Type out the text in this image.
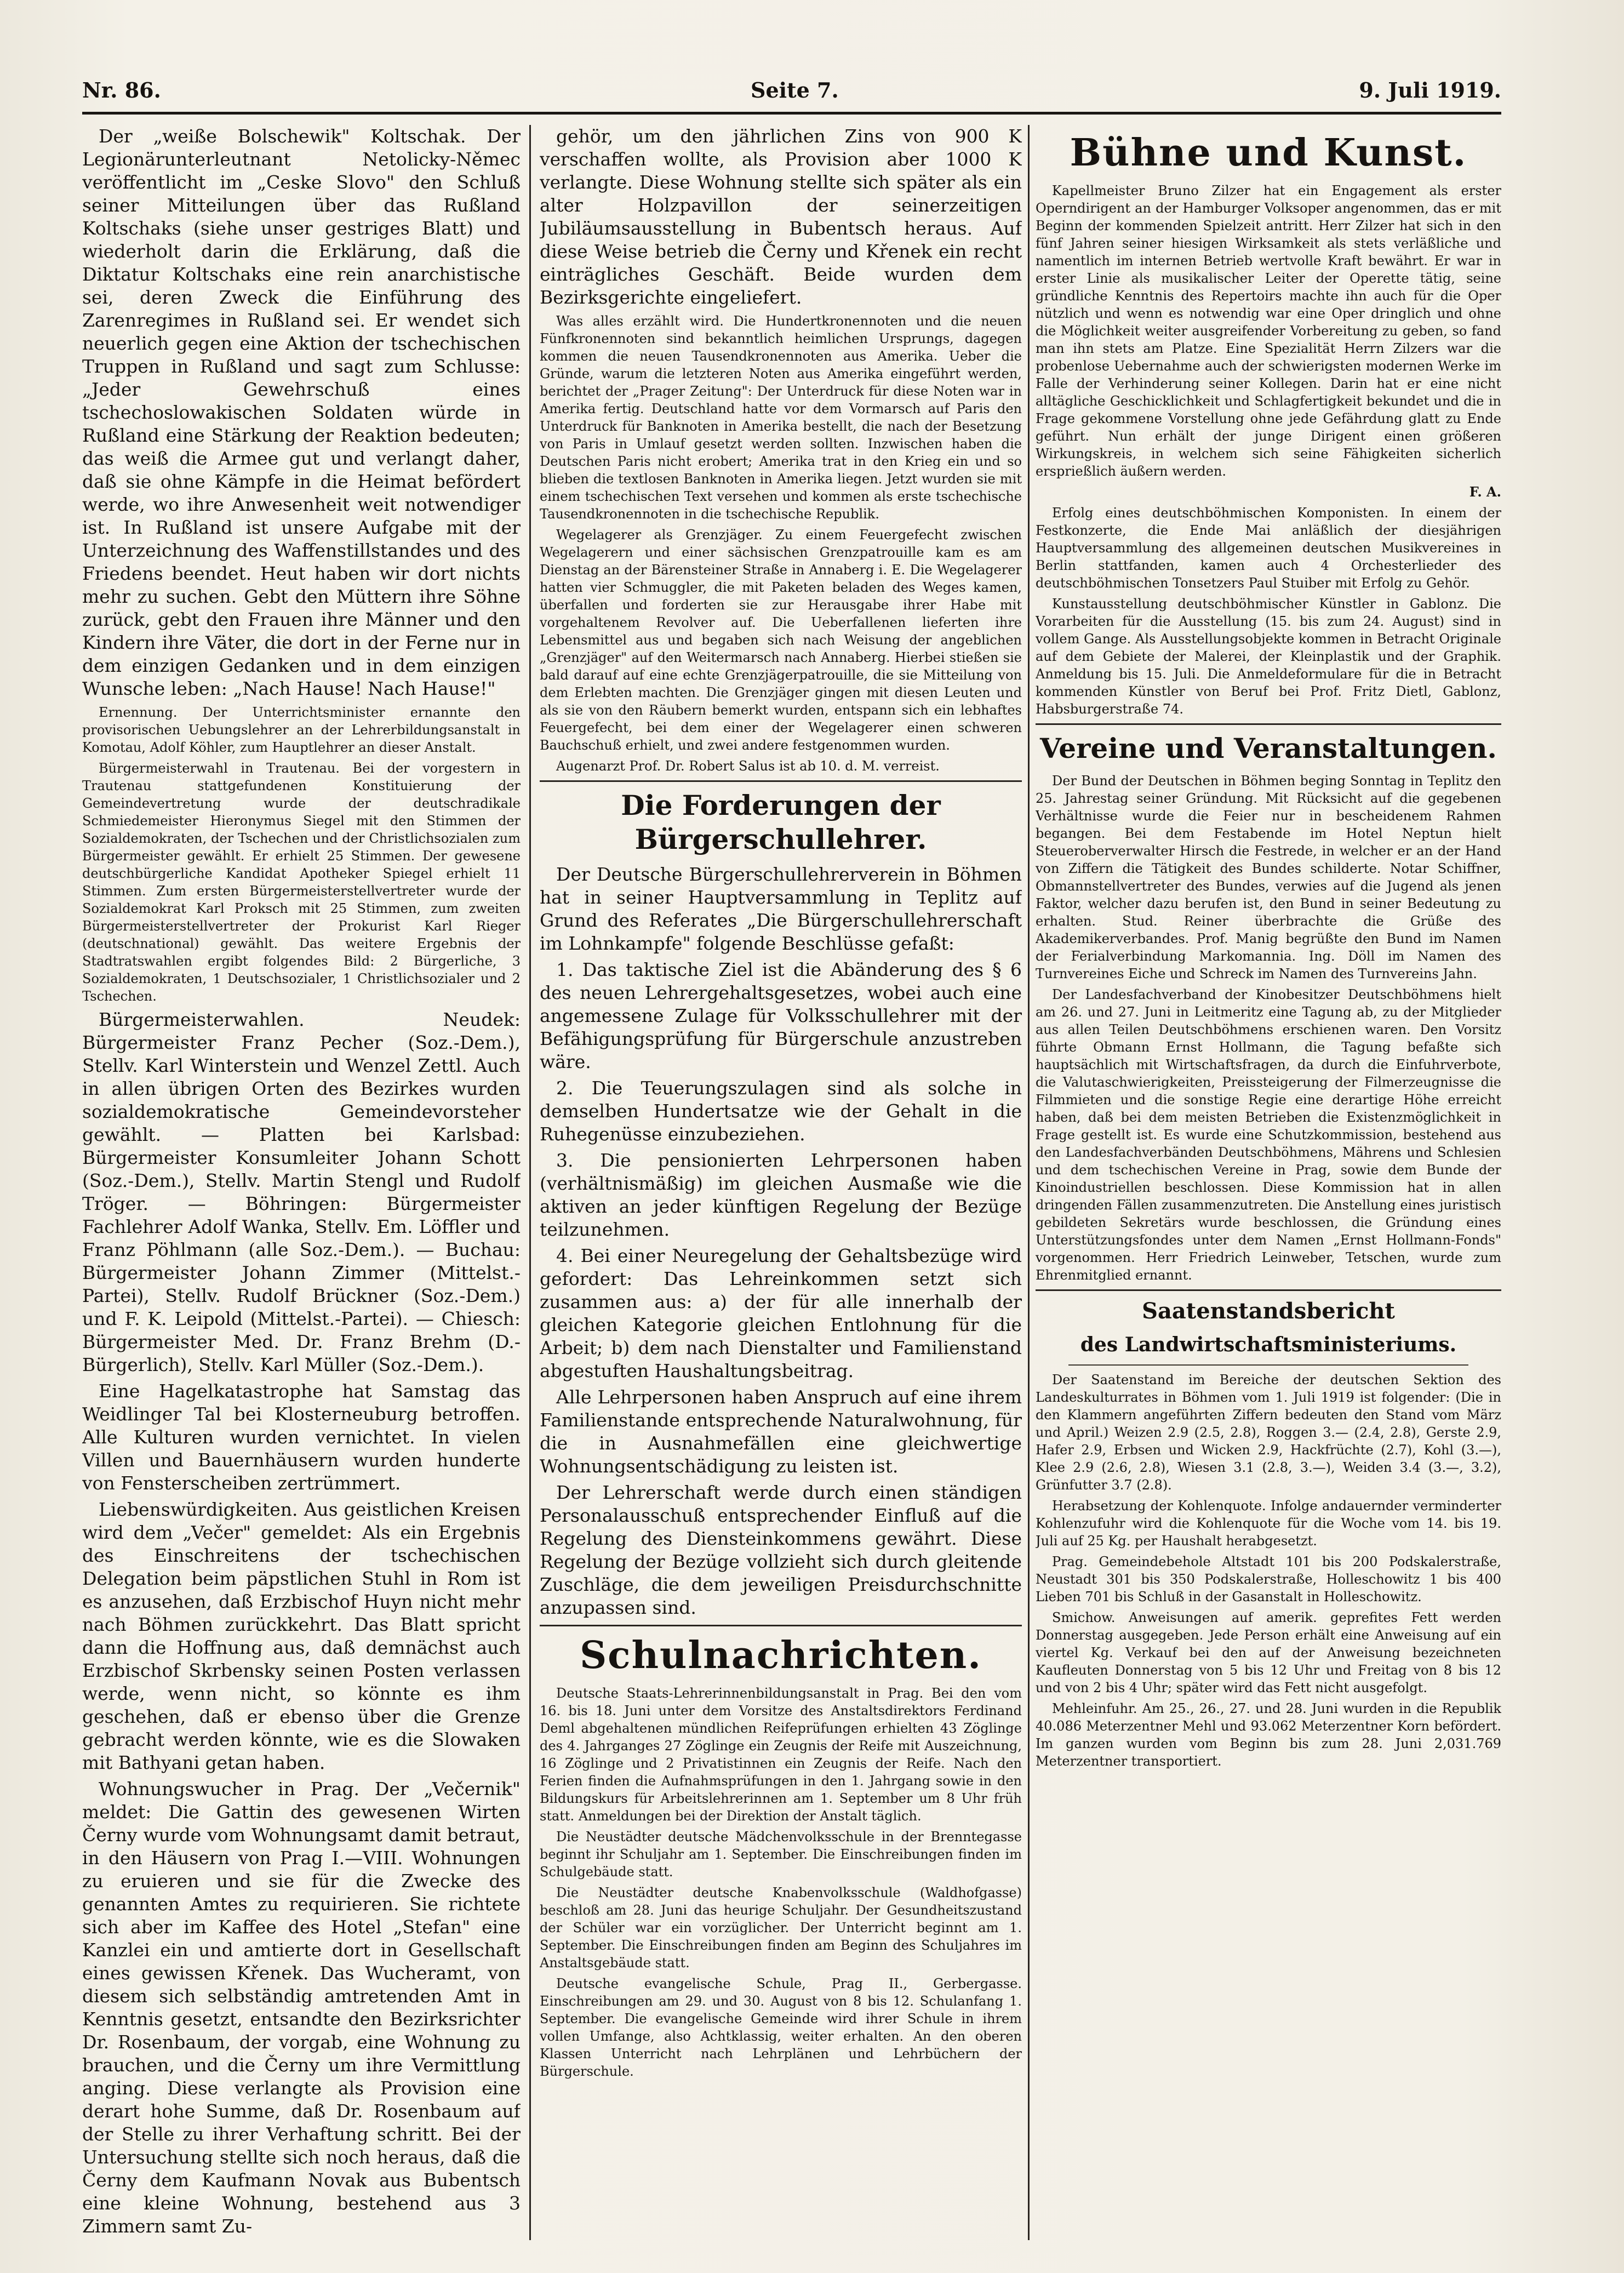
Nr. 86.	Seite 7.	9. Juli 1919.

Der „weiße Bolschewik" Koltschak. Der Legionärunterleutnant Netolicky-Němec veröffentlicht im „Ceske Slovo" den Schluß seiner Mitteilungen über das Rußland Koltschaks (siehe unser gestriges Blatt) und wiederholt darin die Erklärung, daß die Diktatur Koltschaks eine rein anarchistische sei, deren Zweck die Einführung des Zarenregimes in Rußland sei. Er wendet sich neuerlich gegen eine Aktion der tschechischen Truppen in Rußland und sagt zum Schlusse: „Jeder Gewehrschuß eines tschechoslowakischen Soldaten würde in Rußland eine Stärkung der Reaktion bedeuten; das weiß die Armee gut und verlangt daher, daß sie ohne Kämpfe in die Heimat befördert werde, wo ihre Anwesenheit weit notwendiger ist. In Rußland ist unsere Aufgabe mit der Unterzeichnung des Waffenstillstandes und des Friedens beendet. Heut haben wir dort nichts mehr zu suchen. Gebt den Müttern ihre Söhne zurück, gebt den Frauen ihre Männer und den Kindern ihre Väter, die dort in der Ferne nur in dem einzigen Gedanken und in dem einzigen Wunsche leben: „Nach Hause! Nach Hause!"

Ernennung. Der Unterrichtsminister ernannte den provisorischen Uebungslehrer an der Lehrerbildungsanstalt in Komotau, Adolf Köhler, zum Hauptlehrer an dieser Anstalt.

Bürgermeisterwahl in Trautenau. Bei der vorgestern in Trautenau stattgefundenen Konstituierung der Gemeindevertretung wurde der deutschradikale Schmiedemeister Hieronymus Siegel mit den Stimmen der Sozialdemokraten, der Tschechen und der Christlichsozialen zum Bürgermeister gewählt. Er erhielt 25 Stimmen. Der gewesene deutschbürgerliche Kandidat Apotheker Spiegel erhielt 11 Stimmen. Zum ersten Bürgermeisterstellvertreter wurde der Sozialdemokrat Karl Proksch mit 25 Stimmen, zum zweiten Bürgermeisterstellvertreter der Prokurist Karl Rieger (deutschnational) gewählt. Das weitere Ergebnis der Stadtratswahlen ergibt folgendes Bild: 2 Bürgerliche, 3 Sozialdemokraten, 1 Deutschsozialer, 1 Christlichsozialer und 2 Tschechen.

Bürgermeisterwahlen. Neudek: Bürgermeister Franz Pecher (Soz.-Dem.), Stellv. Karl Winterstein und Wenzel Zettl. Auch in allen übrigen Orten des Bezirkes wurden sozialdemokratische Gemeindevorsteher gewählt. — Platten bei Karlsbad: Bürgermeister Konsumleiter Johann Schott (Soz.-Dem.), Stellv. Martin Stengl und Rudolf Tröger. — Böhringen: Bürgermeister Fachlehrer Adolf Wanka, Stellv. Em. Löffler und Franz Pöhlmann (alle Soz.-Dem.). — Buchau: Bürgermeister Johann Zimmer (Mittelst.-Partei), Stellv. Rudolf Brückner (Soz.-Dem.) und F. K. Leipold (Mittelst.-Partei). — Chiesch: Bürgermeister Med. Dr. Franz Brehm (D.-Bürgerlich), Stellv. Karl Müller (Soz.-Dem.).

Eine Hagelkatastrophe hat Samstag das Weidlinger Tal bei Klosterneuburg betroffen. Alle Kulturen wurden vernichtet. In vielen Villen und Bauernhäusern wurden hunderte von Fensterscheiben zertrümmert.

Liebenswürdigkeiten. Aus geistlichen Kreisen wird dem „Večer" gemeldet: Als ein Ergebnis des Einschreitens der tschechischen Delegation beim päpstlichen Stuhl in Rom ist es anzusehen, daß Erzbischof Huyn nicht mehr nach Böhmen zurückkehrt. Das Blatt spricht dann die Hoffnung aus, daß demnächst auch Erzbischof Skrbensky seinen Posten verlassen werde, wenn nicht, so könnte es ihm geschehen, daß er ebenso über die Grenze gebracht werden könnte, wie es die Slowaken mit Bathyani getan haben.

Wohnungswucher in Prag. Der „Večernik" meldet: Die Gattin des gewesenen Wirten Černy wurde vom Wohnungsamt damit betraut, in den Häusern von Prag I.—VIII. Wohnungen zu eruieren und sie für die Zwecke des genannten Amtes zu requirieren. Sie richtete sich aber im Kaffee des Hotel „Stefan" eine Kanzlei ein und amtierte dort in Gesellschaft eines gewissen Křenek. Das Wucheramt, von diesem sich selbständig amtretenden Amt in Kenntnis gesetzt, entsandte den Bezirksrichter Dr. Rosenbaum, der vorgab, eine Wohnung zu brauchen, und die Černy um ihre Vermittlung anging. Diese verlangte als Provision eine derart hohe Summe, daß Dr. Rosenbaum auf der Stelle zu ihrer Verhaftung schritt. Bei der Untersuchung stellte sich noch heraus, daß die Černy dem Kaufmann Novak aus Bubentsch eine kleine Wohnung, bestehend aus 3 Zimmern samt Zu-

gehör, um den jährlichen Zins von 900 K verschaffen wollte, als Provision aber 1000 K verlangte. Diese Wohnung stellte sich später als ein alter Holzpavillon der seinerzeitigen Jubiläumsausstellung in Bubentsch heraus. Auf diese Weise betrieb die Černy und Křenek ein recht einträgliches Geschäft. Beide wurden dem Bezirksgerichte eingeliefert.

Was alles erzählt wird. Die Hundertkronennoten und die neuen Fünfkronennoten sind bekanntlich heimlichen Ursprungs, dagegen kommen die neuen Tausendkronennoten aus Amerika. Ueber die Gründe, warum die letzteren Noten aus Amerika eingeführt werden, berichtet der „Prager Zeitung": Der Unterdruck für diese Noten war in Amerika fertig. Deutschland hatte vor dem Vormarsch auf Paris den Unterdruck für Banknoten in Amerika bestellt, die nach der Besetzung von Paris in Umlauf gesetzt werden sollten. Inzwischen haben die Deutschen Paris nicht erobert; Amerika trat in den Krieg ein und so blieben die textlosen Banknoten in Amerika liegen. Jetzt wurden sie mit einem tschechischen Text versehen und kommen als erste tschechische Tausendkronennoten in die tschechische Republik.

Wegelagerer als Grenzjäger. Zu einem Feuergefecht zwischen Wegelagerern und einer sächsischen Grenzpatrouille kam es am Dienstag an der Bärensteiner Straße in Annaberg i. E. Die Wegelagerer hatten vier Schmuggler, die mit Paketen beladen des Weges kamen, überfallen und forderten sie zur Herausgabe ihrer Habe mit vorgehaltenem Revolver auf. Die Ueberfallenen lieferten ihre Lebensmittel aus und begaben sich nach Weisung der angeblichen „Grenzjäger" auf den Weitermarsch nach Annaberg. Hierbei stießen sie bald darauf auf eine echte Grenzjägerpatrouille, die sie Mitteilung von dem Erlebten machten. Die Grenzjäger gingen mit diesen Leuten und als sie von den Räubern bemerkt wurden, entspann sich ein lebhaftes Feuergefecht, bei dem einer der Wegelagerer einen schweren Bauchschuß erhielt, und zwei andere festgenommen wurden.

Augenarzt Prof. Dr. Robert Salus ist ab 10. d. M. verreist.

Die Forderungen der Bürgerschullehrer.

Der Deutsche Bürgerschullehrerverein in Böhmen hat in seiner Hauptversammlung in Teplitz auf Grund des Referates „Die Bürgerschullehrerschaft im Lohnkampfe" folgende Beschlüsse gefaßt:

1. Das taktische Ziel ist die Abänderung des § 6 des neuen Lehrergehaltsgesetzes, wobei auch eine angemessene Zulage für Volksschullehrer mit der Befähigungsprüfung für Bürgerschule anzustreben wäre.

2. Die Teuerungszulagen sind als solche in demselben Hundertsatze wie der Gehalt in die Ruhegenüsse einzubeziehen.

3. Die pensionierten Lehrpersonen haben (verhältnismäßig) im gleichen Ausmaße wie die aktiven an jeder künftigen Regelung der Bezüge teilzunehmen.

4. Bei einer Neuregelung der Gehaltsbezüge wird gefordert: Das Lehreinkommen setzt sich zusammen aus: a) der für alle innerhalb der gleichen Kategorie gleichen Entlohnung für die Arbeit; b) dem nach Dienstalter und Familienstand abgestuften Haushaltungsbeitrag.

Alle Lehrpersonen haben Anspruch auf eine ihrem Familienstande entsprechende Naturalwohnung, für die in Ausnahmefällen eine gleichwertige Wohnungsentschädigung zu leisten ist.

Der Lehrerschaft werde durch einen ständigen Personalausschuß entsprechender Einfluß auf die Regelung des Diensteinkommens gewährt. Diese Regelung der Bezüge vollzieht sich durch gleitende Zuschläge, die dem jeweiligen Preisdurchschnitte anzupassen sind.

Schulnachrichten.

Deutsche Staats-Lehrerinnenbildungsanstalt in Prag. Bei den vom 16. bis 18. Juni unter dem Vorsitze des Anstaltsdirektors Ferdinand Deml abgehaltenen mündlichen Reifeprüfungen erhielten 43 Zöglinge des 4. Jahrganges 27 Zöglinge ein Zeugnis der Reife mit Auszeichnung, 16 Zöglinge und 2 Privatistinnen ein Zeugnis der Reife. Nach den Ferien finden die Aufnahmsprüfungen in den 1. Jahrgang sowie in den Bildungskurs für Arbeitslehrerinnen am 1. September um 8 Uhr früh statt. Anmeldungen bei der Direktion der Anstalt täglich.

Die Neustädter deutsche Mädchenvolksschule in der Brenntegasse beginnt ihr Schuljahr am 1. September. Die Einschreibungen finden im Schulgebäude statt.

Die Neustädter deutsche Knabenvolksschule (Waldhofgasse) beschloß am 28. Juni das heurige Schuljahr. Der Gesundheitszustand der Schüler war ein vorzüglicher. Der Unterricht beginnt am 1. September. Die Einschreibungen finden am Beginn des Schuljahres im Anstaltsgebäude statt.

Deutsche evangelische Schule, Prag II., Gerbergasse. Einschreibungen am 29. und 30. August von 8 bis 12. Schulanfang 1. September. Die evangelische Gemeinde wird ihrer Schule in ihrem vollen Umfange, also Achtklassig, weiter erhalten. An den oberen Klassen Unterricht nach Lehrplänen und Lehrbüchern der Bürgerschule.

Bühne und Kunst.

Kapellmeister Bruno Zilzer hat ein Engagement als erster Operndirigent an der Hamburger Volksoper angenommen, das er mit Beginn der kommenden Spielzeit antritt. Herr Zilzer hat sich in den fünf Jahren seiner hiesigen Wirksamkeit als stets verläßliche und namentlich im internen Betrieb wertvolle Kraft bewährt. Er war in erster Linie als musikalischer Leiter der Operette tätig, seine gründliche Kenntnis des Repertoirs machte ihn auch für die Oper nützlich und wenn es notwendig war eine Oper dringlich und ohne die Möglichkeit weiter ausgreifender Vorbereitung zu geben, so fand man ihn stets am Platze. Eine Spezialität Herrn Zilzers war die probenlose Uebernahme auch der schwierigsten modernen Werke im Falle der Verhinderung seiner Kollegen. Darin hat er eine nicht alltägliche Geschicklichkeit und Schlagfertigkeit bekundet und die in Frage gekommene Vorstellung ohne jede Gefährdung glatt zu Ende geführt. Nun erhält der junge Dirigent einen größeren Wirkungskreis, in welchem sich seine Fähigkeiten sicherlich ersprießlich äußern werden.

F. A.

Erfolg eines deutschböhmischen Komponisten. In einem der Festkonzerte, die Ende Mai anläßlich der diesjährigen Hauptversammlung des allgemeinen deutschen Musikvereines in Berlin stattfanden, kamen auch 4 Orchesterlieder des deutschböhmischen Tonsetzers Paul Stuiber mit Erfolg zu Gehör.

Kunstausstellung deutschböhmischer Künstler in Gablonz. Die Vorarbeiten für die Ausstellung (15. bis zum 24. August) sind in vollem Gange. Als Ausstellungsobjekte kommen in Betracht Originale auf dem Gebiete der Malerei, der Kleinplastik und der Graphik. Anmeldung bis 15. Juli. Die Anmeldeformulare für die in Betracht kommenden Künstler von Beruf bei Prof. Fritz Dietl, Gablonz, Habsburgerstraße 74.

Vereine und Veranstaltungen.

Der Bund der Deutschen in Böhmen beging Sonntag in Teplitz den 25. Jahrestag seiner Gründung. Mit Rücksicht auf die gegebenen Verhältnisse wurde die Feier nur in bescheidenem Rahmen begangen. Bei dem Festabende im Hotel Neptun hielt Steueroberverwalter Hirsch die Festrede, in welcher er an der Hand von Ziffern die Tätigkeit des Bundes schilderte. Notar Schiffner, Obmannstellvertreter des Bundes, verwies auf die Jugend als jenen Faktor, welcher dazu berufen ist, den Bund in seiner Bedeutung zu erhalten. Stud. Reiner überbrachte die Grüße des Akademikerverbandes. Prof. Manig begrüßte den Bund im Namen der Ferialverbindung Markomannia. Ing. Döll im Namen des Turnvereines Eiche und Schreck im Namen des Turnvereins Jahn.

Der Landesfachverband der Kinobesitzer Deutschböhmens hielt am 26. und 27. Juni in Leitmeritz eine Tagung ab, zu der Mitglieder aus allen Teilen Deutschböhmens erschienen waren. Den Vorsitz führte Obmann Ernst Hollmann, die Tagung befaßte sich hauptsächlich mit Wirtschaftsfragen, da durch die Einfuhrverbote, die Valutaschwierigkeiten, Preissteigerung der Filmerzeugnisse die Filmmieten und die sonstige Regie eine derartige Höhe erreicht haben, daß bei dem meisten Betrieben die Existenzmöglichkeit in Frage gestellt ist. Es wurde eine Schutzkommission, bestehend aus den Landesfachverbänden Deutschböhmens, Mährens und Schlesien und dem tschechischen Vereine in Prag, sowie dem Bunde der Kinoindustriellen beschlossen. Diese Kommission hat in allen dringenden Fällen zusammenzutreten. Die Anstellung eines juristisch gebildeten Sekretärs wurde beschlossen, die Gründung eines Unterstützungsfondes unter dem Namen „Ernst Hollmann-Fonds" vorgenommen. Herr Friedrich Leinweber, Tetschen, wurde zum Ehrenmitglied ernannt.

Saatenstandsbericht
des Landwirtschaftsministeriums.

Der Saatenstand im Bereiche der deutschen Sektion des Landeskulturrates in Böhmen vom 1. Juli 1919 ist folgender: (Die in den Klammern angeführten Ziffern bedeuten den Stand vom März und April.) Weizen 2.9 (2.5, 2.8), Roggen 3.— (2.4, 2.8), Gerste 2.9, Hafer 2.9, Erbsen und Wicken 2.9, Hackfrüchte (2.7), Kohl (3.—), Klee 2.9 (2.6, 2.8), Wiesen 3.1 (2.8, 3.—), Weiden 3.4 (3.—, 3.2), Grünfutter 3.7 (2.8).

Herabsetzung der Kohlenquote. Infolge andauernder verminderter Kohlenzufuhr wird die Kohlenquote für die Woche vom 14. bis 19. Juli auf 25 Kg. per Haushalt herabgesetzt.

Prag. Gemeindebehole Altstadt 101 bis 200 Podskalerstraße, Neustadt 301 bis 350 Podskalerstraße, Holleschowitz 1 bis 400 Lieben 701 bis Schluß in der Gasanstalt in Holleschowitz.

Smichow. Anweisungen auf amerik. geprefites Fett werden Donnerstag ausgegeben. Jede Person erhält eine Anweisung auf ein viertel Kg. Verkauf bei den auf der Anweisung bezeichneten Kaufleuten Donnerstag von 5 bis 12 Uhr und Freitag von 8 bis 12 und von 2 bis 4 Uhr; später wird das Fett nicht ausgefolgt.

Mehleinfuhr. Am 25., 26., 27. und 28. Juni wurden in die Republik 40.086 Meterzentner Mehl und 93.062 Meterzentner Korn befördert. Im ganzen wurden vom Beginn bis zum 28. Juni 2,031.769 Meterzentner transportiert.
